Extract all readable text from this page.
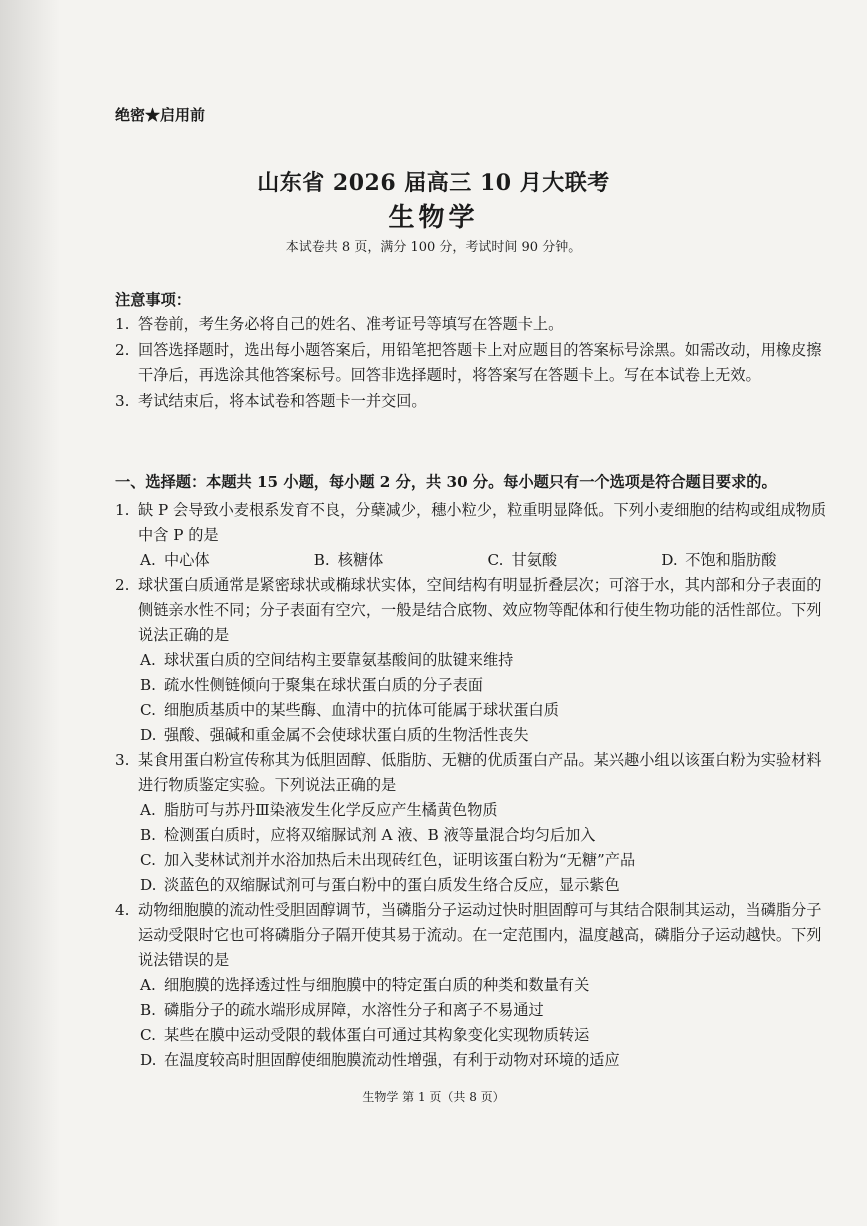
绝密★启用前
山东省 2026 届高三 10 月大联考
生物学
本试卷共 8 页，满分 100 分，考试时间 90 分钟。
注意事项：
1. 答卷前，考生务必将自己的姓名、准考证号等填写在答题卡上。
2. 回答选择题时，选出每小题答案后，用铅笔把答题卡上对应题目的答案标号涂黑。如需改动，用橡皮擦干净后，再选涂其他答案标号。回答非选择题时，将答案写在答题卡上。写在本试卷上无效。
3. 考试结束后，将本试卷和答题卡一并交回。
一、选择题：本题共 15 小题，每小题 2 分，共 30 分。每小题只有一个选项是符合题目要求的。
1. 缺 P 会导致小麦根系发育不良，分蘖减少，穗小粒少，粒重明显降低。下列小麦细胞的结构或组成物质中含 P 的是
A. 中心体	B. 核糖体	C. 甘氨酸	D. 不饱和脂肪酸
2. 球状蛋白质通常是紧密球状或椭球状实体，空间结构有明显折叠层次；可溶于水，其内部和分子表面的侧链亲水性不同；分子表面有空穴，一般是结合底物、效应物等配体和行使生物功能的活性部位。下列说法正确的是
A. 球状蛋白质的空间结构主要靠氨基酸间的肽键来维持
B. 疏水性侧链倾向于聚集在球状蛋白质的分子表面
C. 细胞质基质中的某些酶、血清中的抗体可能属于球状蛋白质
D. 强酸、强碱和重金属不会使球状蛋白质的生物活性丧失
3. 某食用蛋白粉宣传称其为低胆固醇、低脂肪、无糖的优质蛋白产品。某兴趣小组以该蛋白粉为实验材料进行物质鉴定实验。下列说法正确的是
A. 脂肪可与苏丹Ⅲ染液发生化学反应产生橘黄色物质
B. 检测蛋白质时，应将双缩脲试剂 A 液、B 液等量混合均匀后加入
C. 加入斐林试剂并水浴加热后未出现砖红色，证明该蛋白粉为“无糖”产品
D. 淡蓝色的双缩脲试剂可与蛋白粉中的蛋白质发生络合反应，显示紫色
4. 动物细胞膜的流动性受胆固醇调节，当磷脂分子运动过快时胆固醇可与其结合限制其运动，当磷脂分子运动受限时它也可将磷脂分子隔开使其易于流动。在一定范围内，温度越高，磷脂分子运动越快。下列说法错误的是
A. 细胞膜的选择透过性与细胞膜中的特定蛋白质的种类和数量有关
B. 磷脂分子的疏水端形成屏障，水溶性分子和离子不易通过
C. 某些在膜中运动受限的载体蛋白可通过其构象变化实现物质转运
D. 在温度较高时胆固醇使细胞膜流动性增强，有利于动物对环境的适应
生物学 第 1 页（共 8 页）
